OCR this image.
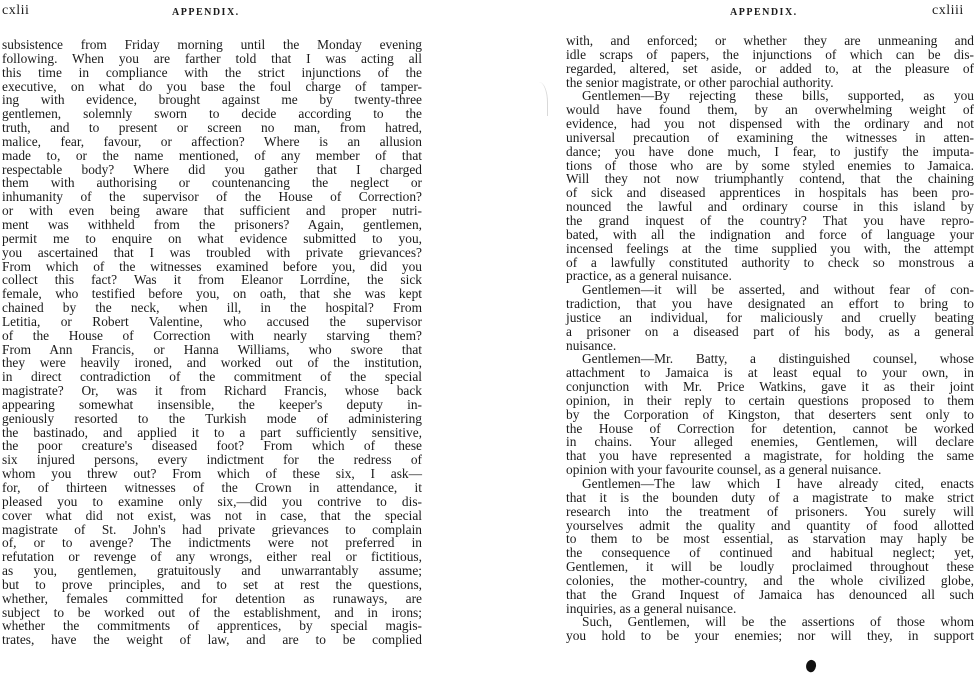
cxlii	APPENDIX.
subsistence from Friday morning until the Monday evening
following. When you are farther told that I was acting all
this time in compliance with the strict injunctions of the
executive, on what do you base the foul charge of tamper-
ing with evidence, brought against me by twenty-three
gentlemen, solemnly sworn to decide according to the
truth, and to present or screen no man, from hatred,
malice, fear, favour, or affection? Where is an allusion
made to, or the name mentioned, of any member of that
respectable body? Where did you gather that I charged
them with authorising or countenancing the neglect or
inhumanity of the supervisor of the House of Correction?
or with even being aware that sufficient and proper nutri-
ment was withheld from the prisoners? Again, gentlemen,
permit me to enquire on what evidence submitted to you,
you ascertained that I was troubled with private grievances?
From which of the witnesses examined before you, did you
collect this fact? Was it from Eleanor Lorrdine, the sick
female, who testified before you, on oath, that she was kept
chained by the neck, when ill, in the hospital? From
Letitia, or Robert Valentine, who accused the supervisor
of the House of Correction with nearly starving them?
From Ann Francis, or Hanna Williams, who swore that
they were heavily ironed, and worked out of the institution,
in direct contradiction of the commitment of the special
magistrate? Or, was it from Richard Francis, whose back
appearing somewhat insensible, the keeper's deputy in-
geniously resorted to the Turkish mode of administering
the bastinado, and applied it to a part sufficiently sensitive,
the poor creature's diseased foot? From which of these
six injured persons, every indictment for the redress of
whom you threw out? From which of these six, I ask—
for, of thirteen witnesses of the Crown in attendance, it
pleased you to examine only six,—did you contrive to dis-
cover what did not exist, was not in case, that the special
magistrate of St. John's had private grievances to complain
of, or to avenge? The indictments were not preferred in
refutation or revenge of any wrongs, either real or fictitious,
as you, gentlemen, gratuitously and unwarrantably assume;
but to prove principles, and to set at rest the questions,
whether, females committed for detention as runaways, are
subject to be worked out of the establishment, and in irons;
whether the commitments of apprentices, by special magis-
trates, have the weight of law, and are to be complied
APPENDIX.	cxliii
with, and enforced; or whether they are unmeaning and
idle scraps of papers, the injunctions of which can be dis-
regarded, altered, set aside, or added to, at the pleasure of
the senior magistrate, or other parochial authority.
Gentlemen—By rejecting these bills, supported, as you
would have found them, by an overwhelming weight of
evidence, had you not dispensed with the ordinary and not
universal precaution of examining the witnesses in atten-
dance; you have done much, I fear, to justify the imputa-
tions of those who are by some styled enemies to Jamaica.
Will they not now triumphantly contend, that the chaining
of sick and diseased apprentices in hospitals has been pro-
nounced the lawful and ordinary course in this island by
the grand inquest of the country? That you have repro-
bated, with all the indignation and force of language your
incensed feelings at the time supplied you with, the attempt
of a lawfully constituted authority to check so monstrous a
practice, as a general nuisance.
Gentlemen—it will be asserted, and without fear of con-
tradiction, that you have designated an effort to bring to
justice an individual, for maliciously and cruelly beating
a prisoner on a diseased part of his body, as a general
nuisance.
Gentlemen—Mr. Batty, a distinguished counsel, whose
attachment to Jamaica is at least equal to your own, in
conjunction with Mr. Price Watkins, gave it as their joint
opinion, in their reply to certain questions proposed to them
by the Corporation of Kingston, that deserters sent only to
the House of Correction for detention, cannot be worked
in chains. Your alleged enemies, Gentlemen, will declare
that you have represented a magistrate, for holding the same
opinion with your favourite counsel, as a general nuisance.
Gentlemen—The law which I have already cited, enacts
that it is the bounden duty of a magistrate to make strict
research into the treatment of prisoners. You surely will
yourselves admit the quality and quantity of food allotted
to them to be most essential, as starvation may haply be
the consequence of continued and habitual neglect; yet,
Gentlemen, it will be loudly proclaimed throughout these
colonies, the mother-country, and the whole civilized globe,
that the Grand Inquest of Jamaica has denounced all such
inquiries, as a general nuisance.
Such, Gentlemen, will be the assertions of those whom
you hold to be your enemies; nor will they, in support
